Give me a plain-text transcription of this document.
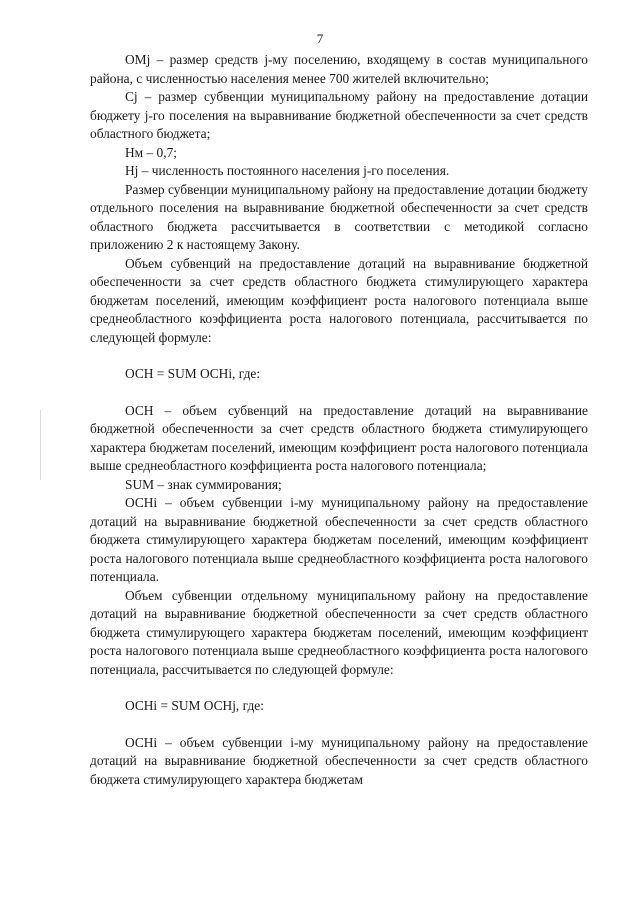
7

OMj – размер средств j-му поселению, входящему в состав муниципального района, с численностью населения менее 700 жителей включительно;

Cj – размер субвенции муниципальному району на предоставление дотации бюджету j-го поселения на выравнивание бюджетной обеспеченности за счет средств областного бюджета;

Нм – 0,7;

Нj – численность постоянного населения j-го поселения.

Размер субвенции муниципальному району на предоставление дотации бюджету отдельного поселения на выравнивание бюджетной обеспеченности за счет средств областного бюджета рассчитывается в соответствии с методикой согласно приложению 2 к настоящему Закону.

Объем субвенций на предоставление дотаций на выравнивание бюджетной обеспеченности за счет средств областного бюджета стимулирующего характера бюджетам поселений, имеющим коэффициент роста налогового потенциала выше среднеобластного коэффициента роста налогового потенциала, рассчитывается по следующей формуле:

ОСН = SUM OCHi, где:

ОСН – объем субвенций на предоставление дотаций на выравнивание бюджетной обеспеченности за счет средств областного бюджета стимулирующего характера бюджетам поселений, имеющим коэффициент роста налогового потенциала выше среднеобластного коэффициента роста налогового потенциала;

SUM – знак суммирования;

ОСНi – объем субвенции i-му муниципальному району на предоставление дотаций на выравнивание бюджетной обеспеченности за счет средств областного бюджета стимулирующего характера бюджетам поселений, имеющим коэффициент роста налогового потенциала выше среднеобластного коэффициента роста налогового потенциала.

Объем субвенции отдельному муниципальному району на предоставление дотаций на выравнивание бюджетной обеспеченности за счет средств областного бюджета стимулирующего характера бюджетам поселений, имеющим коэффициент роста налогового потенциала выше среднеобластного коэффициента роста налогового потенциала, рассчитывается по следующей формуле:

ОСНi = SUM ОСНj, где:

ОСНi – объем субвенции i-му муниципальному району на предоставление дотаций на выравнивание бюджетной обеспеченности за счет средств областного бюджета стимулирующего характера бюджетам
